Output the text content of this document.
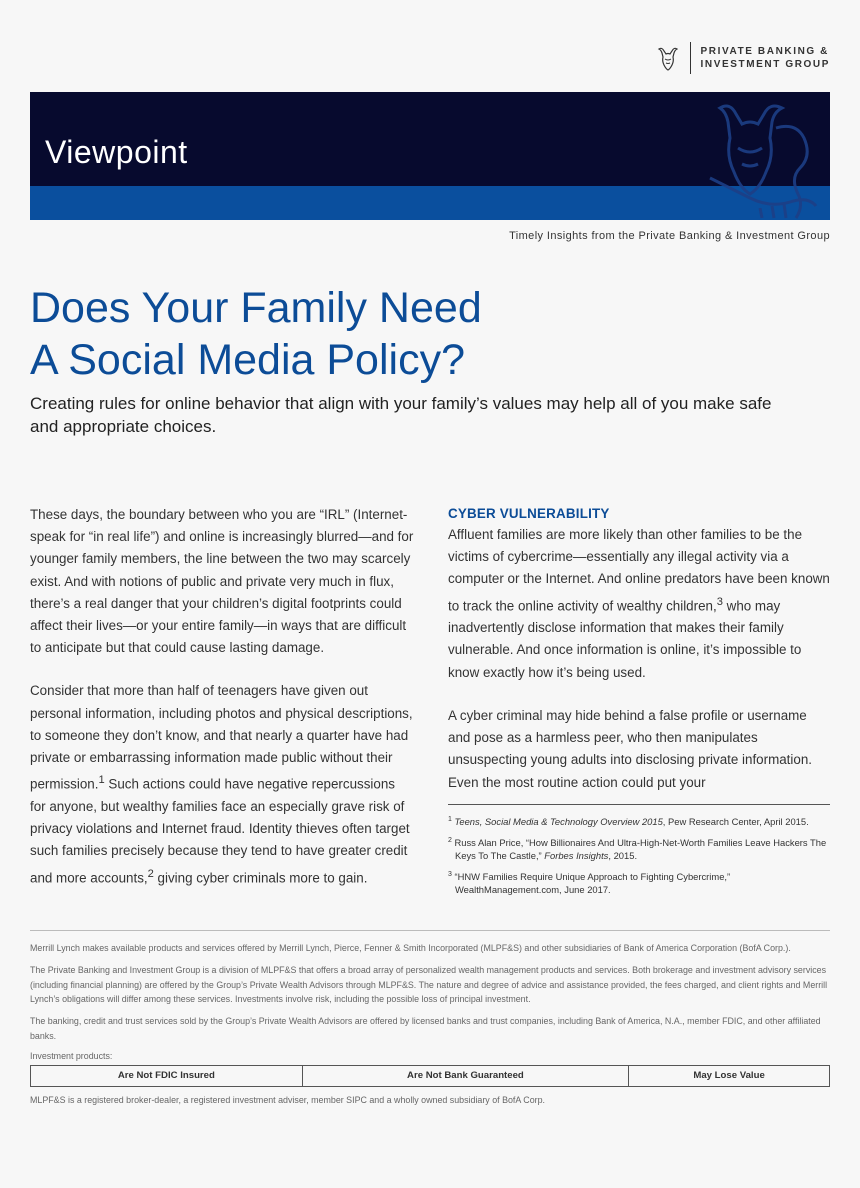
PRIVATE BANKING &
INVESTMENT GROUP
Viewpoint
Timely Insights from the Private Banking & Investment Group
Does Your Family Need
A Social Media Policy?

Creating rules for online behavior that align with your family’s values may help all of you make safe and appropriate choices.

These days, the boundary between who you are “IRL” (Internet-speak for “in real life”) and online is increasingly blurred—and for younger family members, the line between the two may scarcely exist. And with notions of public and private very much in flux, there’s a real danger that your children’s digital footprints could affect their lives—or your entire family—in ways that are difficult to anticipate but that could cause lasting damage.

Consider that more than half of teenagers have given out personal information, including photos and physical descriptions, to someone they don’t know, and that nearly a quarter have had private or embarrassing information made public without their permission.$^1$ Such actions could have negative repercussions for anyone, but wealthy families face an especially grave risk of privacy violations and Internet fraud. Identity thieves often target such families precisely because they tend to have greater credit and more accounts,$^2$ giving cyber criminals more to gain.

CYBER VULNERABILITY

Affluent families are more likely than other families to be the victims of cybercrime—essentially any illegal activity via a computer or the Internet. And online predators have been known to track the online activity of wealthy children,$^3$ who may inadvertently disclose information that makes their family vulnerable. And once information is online, it’s impossible to know exactly how it’s being used.

A cyber criminal may hide behind a false profile or username and pose as a harmless peer, who then manipulates unsuspecting young adults into disclosing private information. Even the most routine action could put your

$^1$ Teens, Social Media & Technology Overview 2015, Pew Research Center, April 2015.

$^2$ Russ Alan Price, “How Billionaires And Ultra-High-Net-Worth Families Leave Hackers The Keys To The Castle,” Forbes Insights, 2015.

$^3$ “HNW Families Require Unique Approach to Fighting Cybercrime,” WealthManagement.com, June 2017.

Merrill Lynch makes available products and services offered by Merrill Lynch, Pierce, Fenner & Smith Incorporated (MLPF&S) and other subsidiaries of Bank of America Corporation (BofA Corp.).

The Private Banking and Investment Group is a division of MLPF&S that offers a broad array of personalized wealth management products and services. Both brokerage and investment advisory services (including financial planning) are offered by the Group’s Private Wealth Advisors through MLPF&S. The nature and degree of advice and assistance provided, the fees charged, and client rights and Merrill Lynch’s obligations will differ among these services. Investments involve risk, including the possible loss of principal investment.

The banking, credit and trust services sold by the Group’s Private Wealth Advisors are offered by licensed banks and trust companies, including Bank of America, N.A., member FDIC, and other affiliated banks.

Investment products:

Are Not FDIC Insured	Are Not Bank Guaranteed	May Lose Value

MLPF&S is a registered broker-dealer, a registered investment adviser, member SIPC and a wholly owned subsidiary of BofA Corp.
